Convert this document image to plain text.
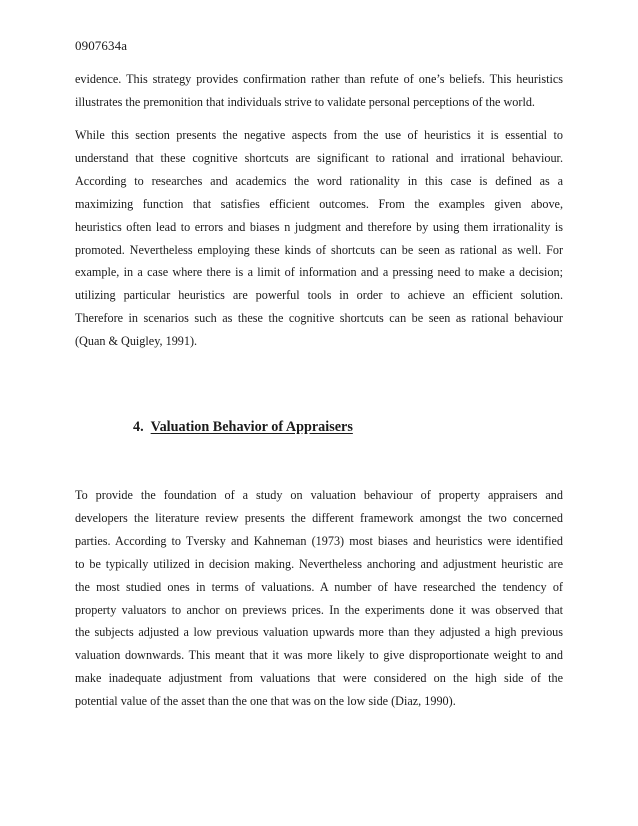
0907634a
evidence. This strategy provides confirmation rather than refute of one’s beliefs. This heuristics
illustrates the premonition that individuals strive to validate personal perceptions of the world.
While this section presents the negative aspects from the use of heuristics it is essential to
understand that these cognitive shortcuts are significant to rational and irrational behaviour.
According to researches and academics the word rationality in this case is defined as a
maximizing function that satisfies efficient outcomes. From the examples given above,
heuristics often lead to errors and biases n judgment and therefore by using them irrationality is
promoted. Nevertheless employing these kinds of shortcuts can be seen as rational as well. For
example, in a case where there is a limit of information and a pressing need to make a decision;
utilizing particular heuristics are powerful tools in order to achieve an efficient solution.
Therefore in scenarios such as these the cognitive shortcuts can be seen as rational behaviour
(Quan & Quigley, 1991).
4. Valuation Behavior of Appraisers
To provide the foundation of a study on valuation behaviour of property appraisers and
developers the literature review presents the different framework amongst the two concerned
parties. According to Tversky and Kahneman (1973) most biases and heuristics were identified
to be typically utilized in decision making. Nevertheless anchoring and adjustment heuristic are
the most studied ones in terms of valuations. A number of have researched the tendency of
property valuators to anchor on previews prices. In the experiments done it was observed that
the subjects adjusted a low previous valuation upwards more than they adjusted a high previous
valuation downwards. This meant that it was more likely to give disproportionate weight to and
make inadequate adjustment from valuations that were considered on the high side of the
potential value of the asset than the one that was on the low side (Diaz, 1990).
